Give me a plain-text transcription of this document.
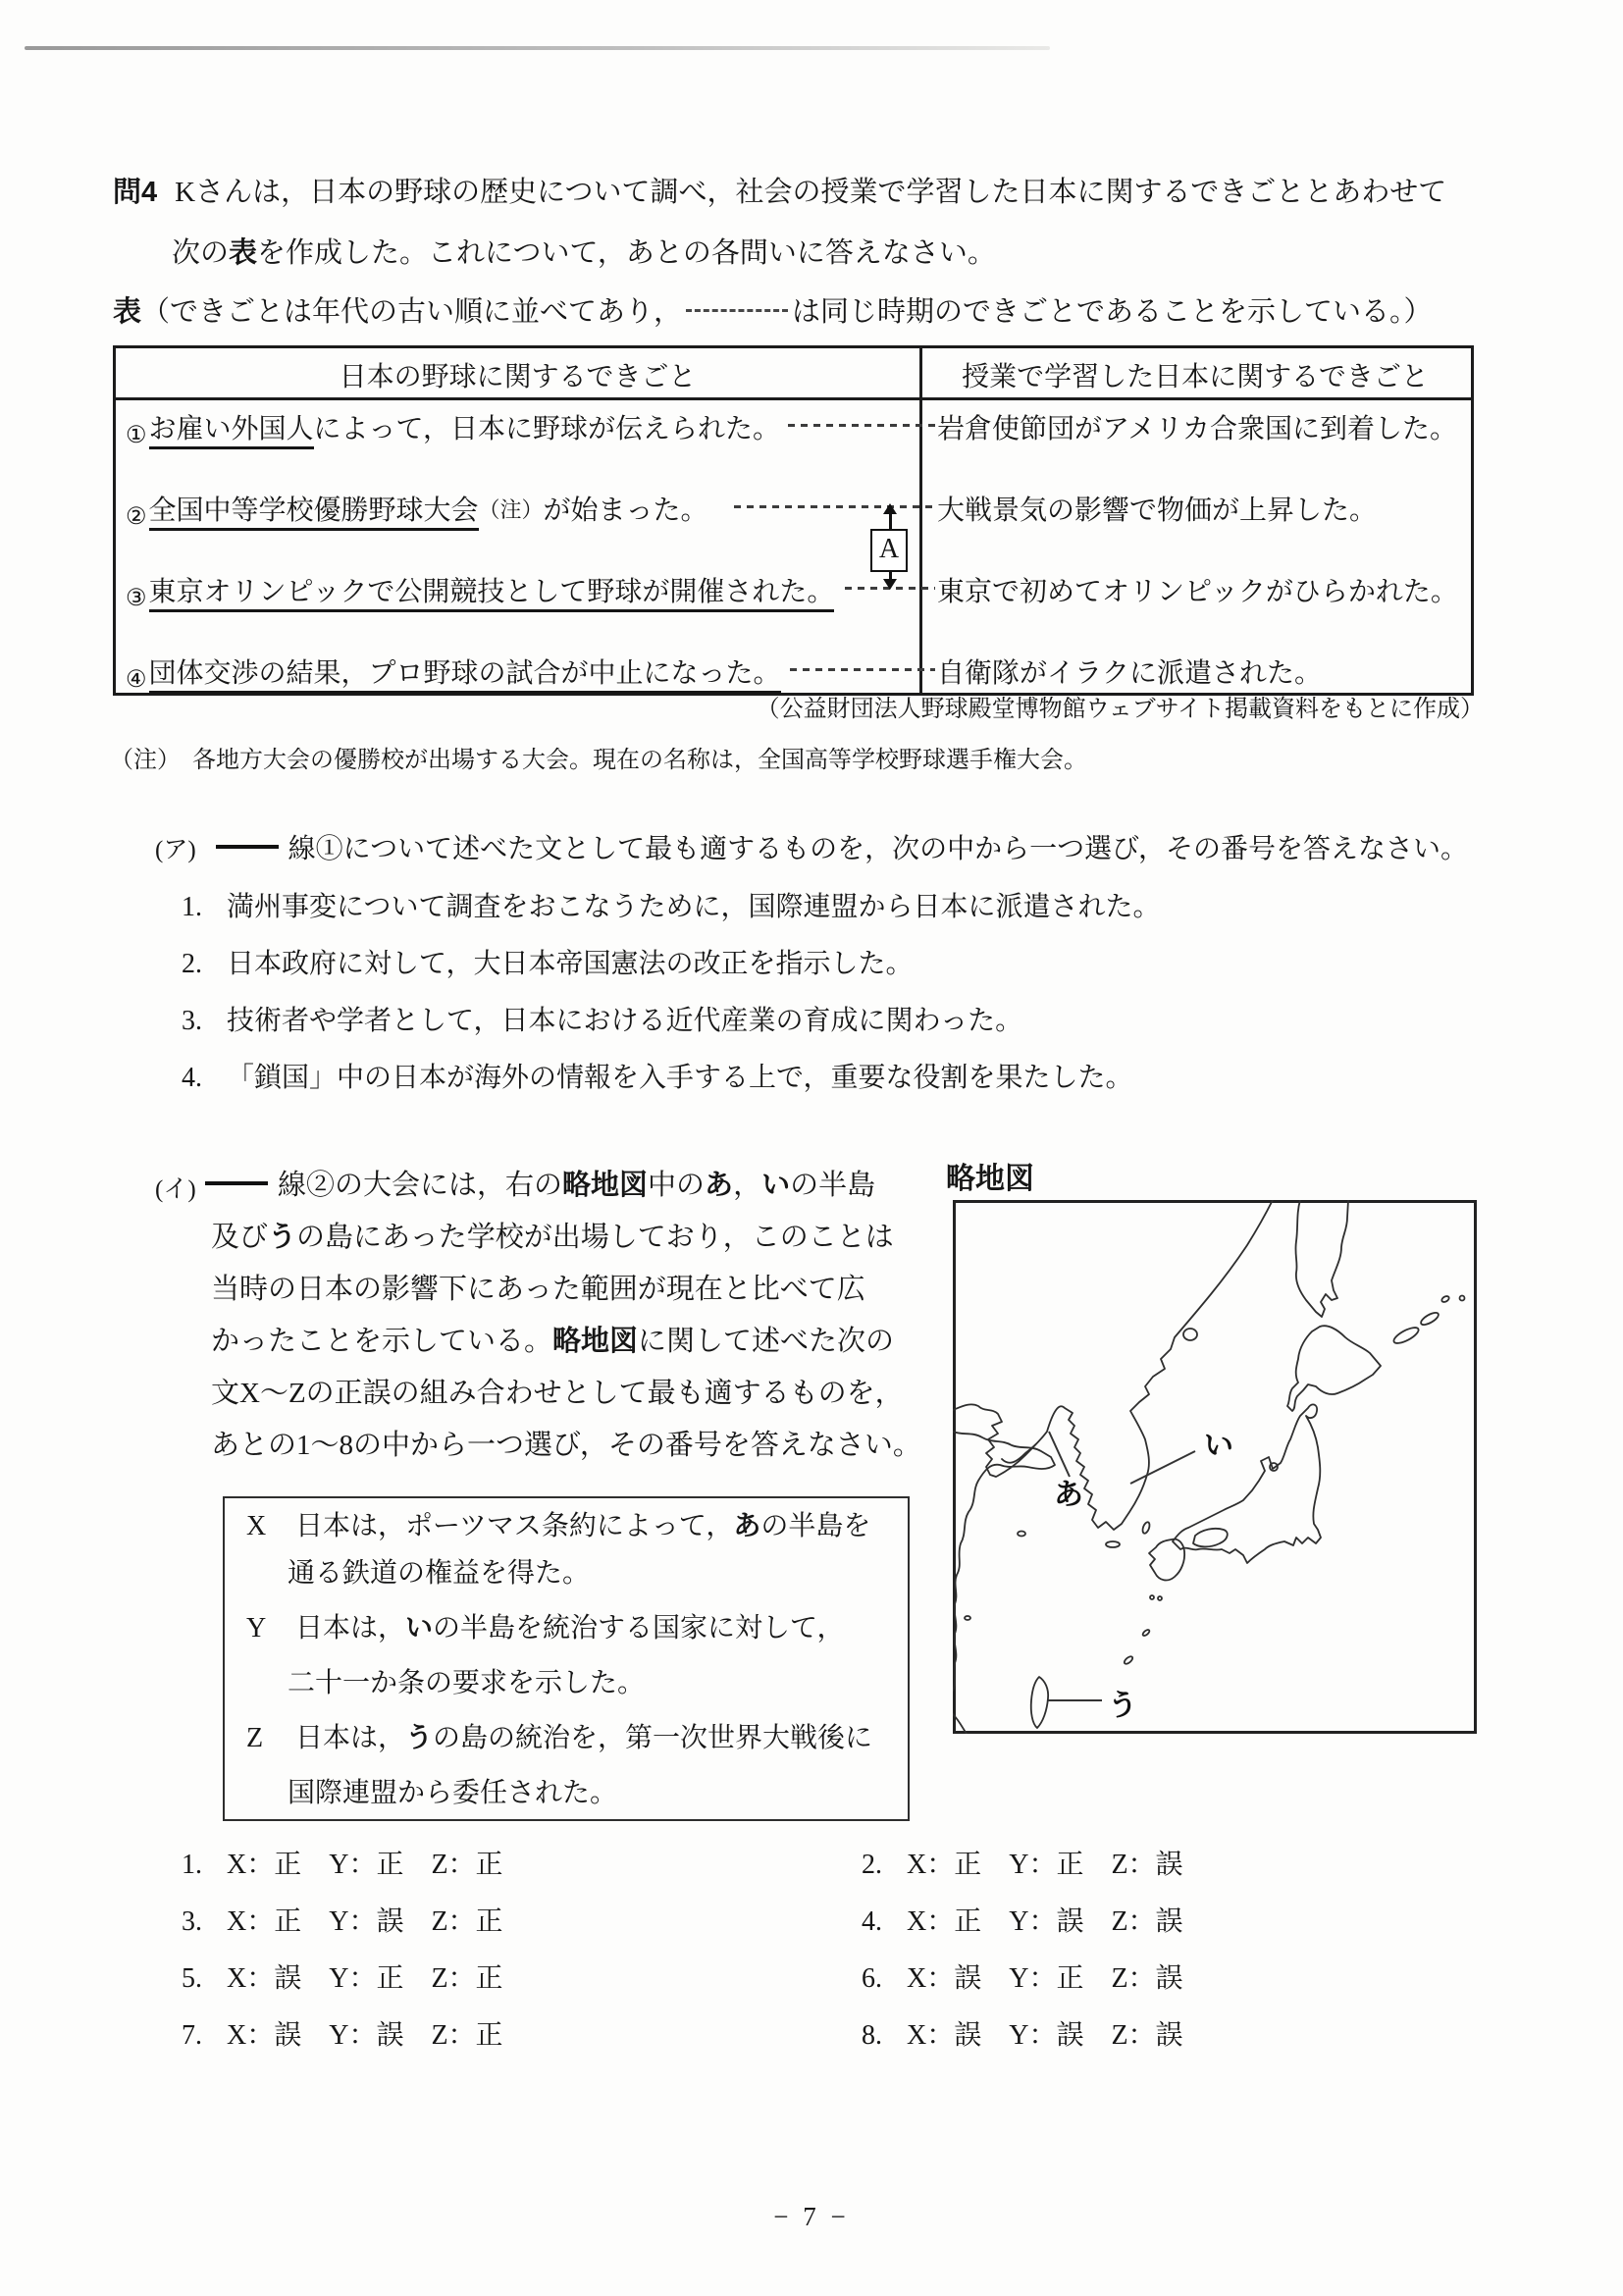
問4 Kさんは，日本の野球の歴史について調べ，社会の授業で学習した日本に関するできごととあわせて
次の表を作成した。これについて，あとの各問いに答えなさい。
表（できごとは年代の古い順に並べてあり，	は同じ時期のできごとであることを示している。）
日本の野球に関するできごと	授業で学習した日本に関するできごと
①お雇い外国人によって，日本に野球が伝えられた。	岩倉使節団がアメリカ合衆国に到着した。
②全国中等学校優勝野球大会（注）が始まった。	大戦景気の影響で物価が上昇した。
③東京オリンピックで公開競技として野球が開催された。	東京で初めてオリンピックがひらかれた。
④団体交渉の結果，プロ野球の試合が中止になった。	自衛隊がイラクに派遣された。
A
（公益財団法人野球殿堂博物館ウェブサイト掲載資料をもとに作成）
（注）　各地方大会の優勝校が出場する大会。現在の名称は，全国高等学校野球選手権大会。
(ア)	線①について述べた文として最も適するものを，次の中から一つ選び，その番号を答えなさい。
1. 満州事変について調査をおこなうために，国際連盟から日本に派遣された。
2. 日本政府に対して，大日本帝国憲法の改正を指示した。
3. 技術者や学者として，日本における近代産業の育成に関わった。
4. 「鎖国」中の日本が海外の情報を入手する上で，重要な役割を果たした。
(イ)	線②の大会には，右の略地図中のあ，いの半島
及びうの島にあった学校が出場しており，このことは
当時の日本の影響下にあった範囲が現在と比べて広
かったことを示している。略地図に関して述べた次の
文X～Zの正誤の組み合わせとして最も適するものを，
あとの1～8の中から一つ選び，その番号を答えなさい。
X 日本は，ポーツマス条約によって，あの半島を
通る鉄道の権益を得た。
Y 日本は，いの半島を統治する国家に対して，
二十一か条の要求を示した。
Z 日本は，うの島の統治を，第一次世界大戦後に
国際連盟から委任された。
1. X：正　Y：正　Z：正	2. X：正　Y：正　Z：誤
3. X：正　Y：誤　Z：正	4. X：正　Y：誤　Z：誤
5. X：誤　Y：正　Z：正	6. X：誤　Y：正　Z：誤
7. X：誤　Y：誤　Z：正	8. X：誤　Y：誤　Z：誤
略地図
あ
い
う
− 7 −
